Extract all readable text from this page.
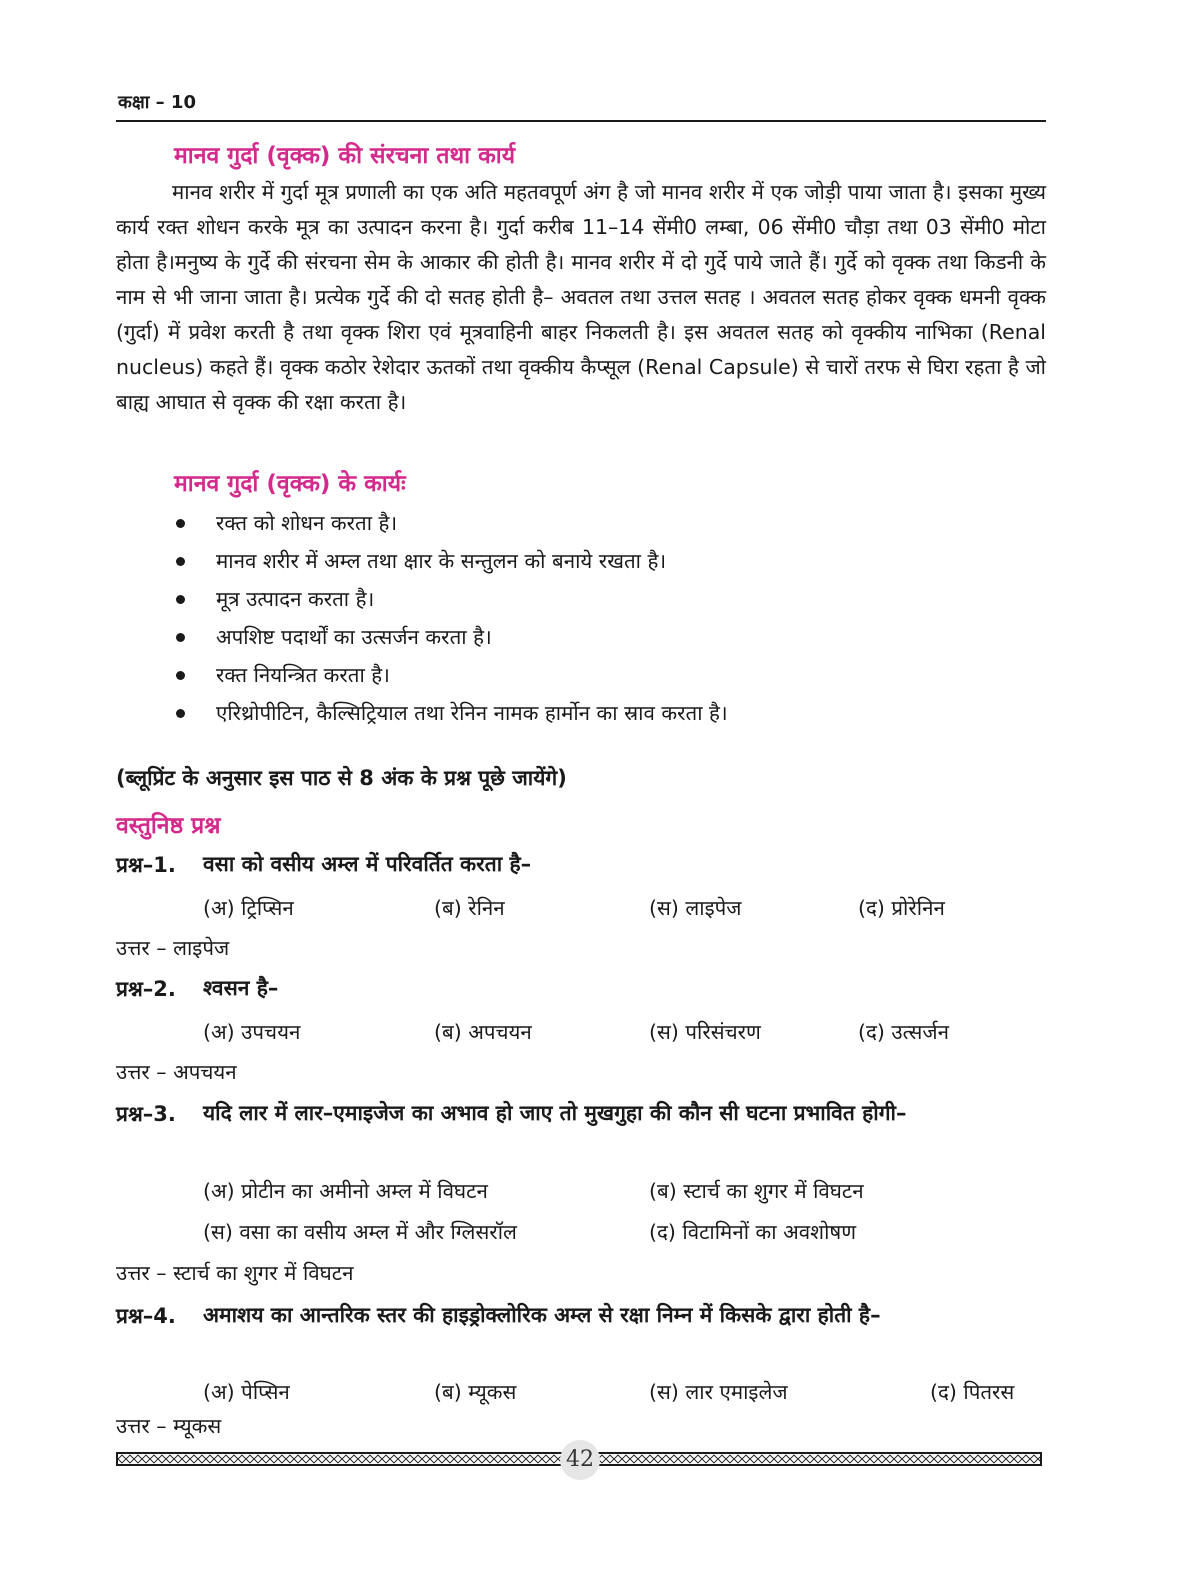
कक्षा – 10
मानव गुर्दा (वृक्क) की संरचना तथा कार्य
मानव शरीर में गुर्दा मूत्र प्रणाली का एक अति महतवपूर्ण अंग है जो मानव शरीर में एक जोड़ी पाया जाता है। इसका मुख्य कार्य रक्त शोधन करके मूत्र का उत्पादन करना है। गुर्दा करीब 11–14 सेंमी0 लम्बा, 06 सेंमी0 चौड़ा तथा 03 सेंमी0 मोटा होता है।मनुष्य के गुर्दे की संरचना सेम के आकार की होती है। मानव शरीर में दो गुर्दे पाये जाते हैं। गुर्दे को वृक्क तथा किडनी के नाम से भी जाना जाता है। प्रत्येक गुर्दे की दो सतह होती है– अवतल तथा उत्तल सतह । अवतल सतह होकर वृक्क धमनी वृक्क (गुर्दा) में प्रवेश करती है तथा वृक्क शिरा एवं मूत्रवाहिनी बाहर निकलती है। इस अवतल सतह को वृक्कीय नाभिका (Renal nucleus) कहते हैं। वृक्क कठोर रेशेदार ऊतकों तथा वृक्कीय कैप्सूल (Renal Capsule) से चारों तरफ से घिरा रहता है जो बाह्य आघात से वृक्क की रक्षा करता है।
मानव गुर्दा (वृक्क) के कार्यः
रक्त को शोधन करता है।
मानव शरीर में अम्ल तथा क्षार के सन्तुलन को बनाये रखता है।
मूत्र उत्पादन करता है।
अपशिष्ट पदार्थों का उत्सर्जन करता है।
रक्त नियन्त्रित करता है।
एरिथ्रोपीटिन, कैल्सिट्रियाल तथा रेनिन नामक हार्मोन का स्राव करता है।
(ब्लूप्रिंट के अनुसार इस पाठ से 8 अंक के प्रश्न पूछे जायेंगे)
वस्तुनिष्ठ प्रश्न
प्रश्न–1. वसा को वसीय अम्ल में परिवर्तित करता है–
(अ) ट्रिप्सिन	(ब) रेनिन	(स) लाइपेज	(द) प्रोरेनिन
उत्तर – लाइपेज
प्रश्न–2. श्वसन है–
(अ) उपचयन	(ब) अपचयन	(स) परिसंचरण	(द) उत्सर्जन
उत्तर – अपचयन
प्रश्न–3. यदि लार में लार–एमाइजेज का अभाव हो जाए तो मुखगुहा की कौन सी घटना प्रभावित होगी–
(अ) प्रोटीन का अमीनो अम्ल में विघटन	(ब) स्टार्च का शुगर में विघटन
(स) वसा का वसीय अम्ल में और ग्लिसरॉल	(द) विटामिनों का अवशोषण
उत्तर – स्टार्च का शुगर में विघटन
प्रश्न–4. अमाशय का आन्तरिक स्तर की हाइड्रोक्लोरिक अम्ल से रक्षा निम्न में किसके द्वारा होती है–
(अ) पेप्सिन	(ब) म्यूकस	(स) लार एमाइलेज	(द) पितरस
उत्तर – म्यूकस
42
